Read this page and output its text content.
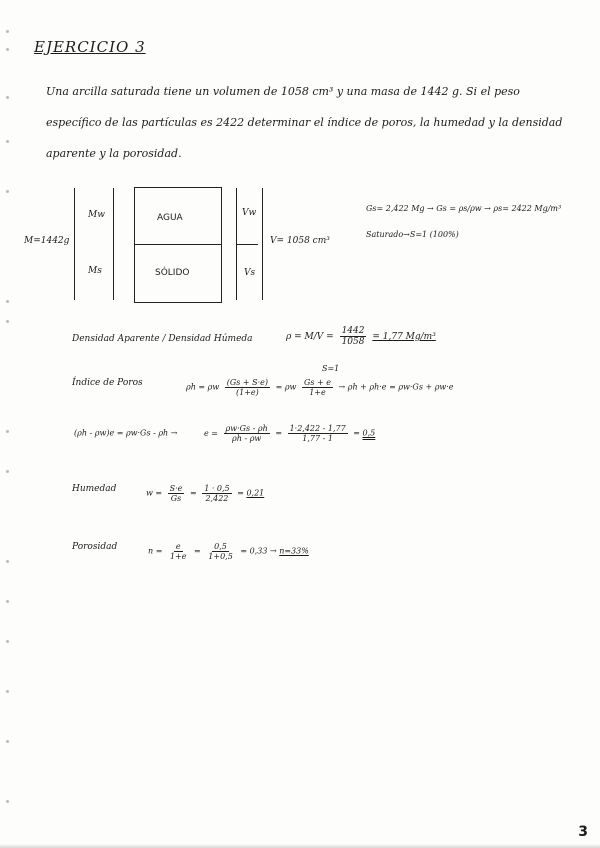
EJERCICIO 3
Una arcilla saturada tiene un volumen de 1058 cm³ y una masa de 1442 g. Si el peso
específico de las partículas es 2422 determinar el índice de poros, la humedad y la densidad
aparente y la porosidad.
M=1442g
Mw
Ms
AGUA
SÓLIDO
Vw
Vs
V= 1058 cm³
Gs= 2,422 Mg → Gs = ρs/ρw → ρs= 2422 Mg/m³
Saturado→S=1 (100%)
Densidad Aparente / Densidad Húmeda	$\rho = M/V = \frac{1442}{1058} = 1,77$ Mg/m³
Índice de Poros
S=1
ρh = ρw $\frac{(Gs + S\cdot e)}{(1+e)} = \rho w \frac{Gs + e}{1+e} \to \rho h + \rho h\cdot e = \rho w\cdot Gs + \rho w\cdot e$
(ρh - ρw)e = ρw·Gs - ρh →	$e = \frac{\rho w\cdot Gs - \rho h}{\rho h - \rho w} = \frac{1\cdot 2,422 - 1,77}{1,77 - 1} = 0,5$
Humedad	$w = \frac{S\cdot e}{Gs} = \frac{1 \cdot 0,5}{2,422} = 0,21$
Porosidad	$n = \frac{e}{1+e} = \frac{0,5}{1+0,5} = 0,33 \to n=33\%$
3
